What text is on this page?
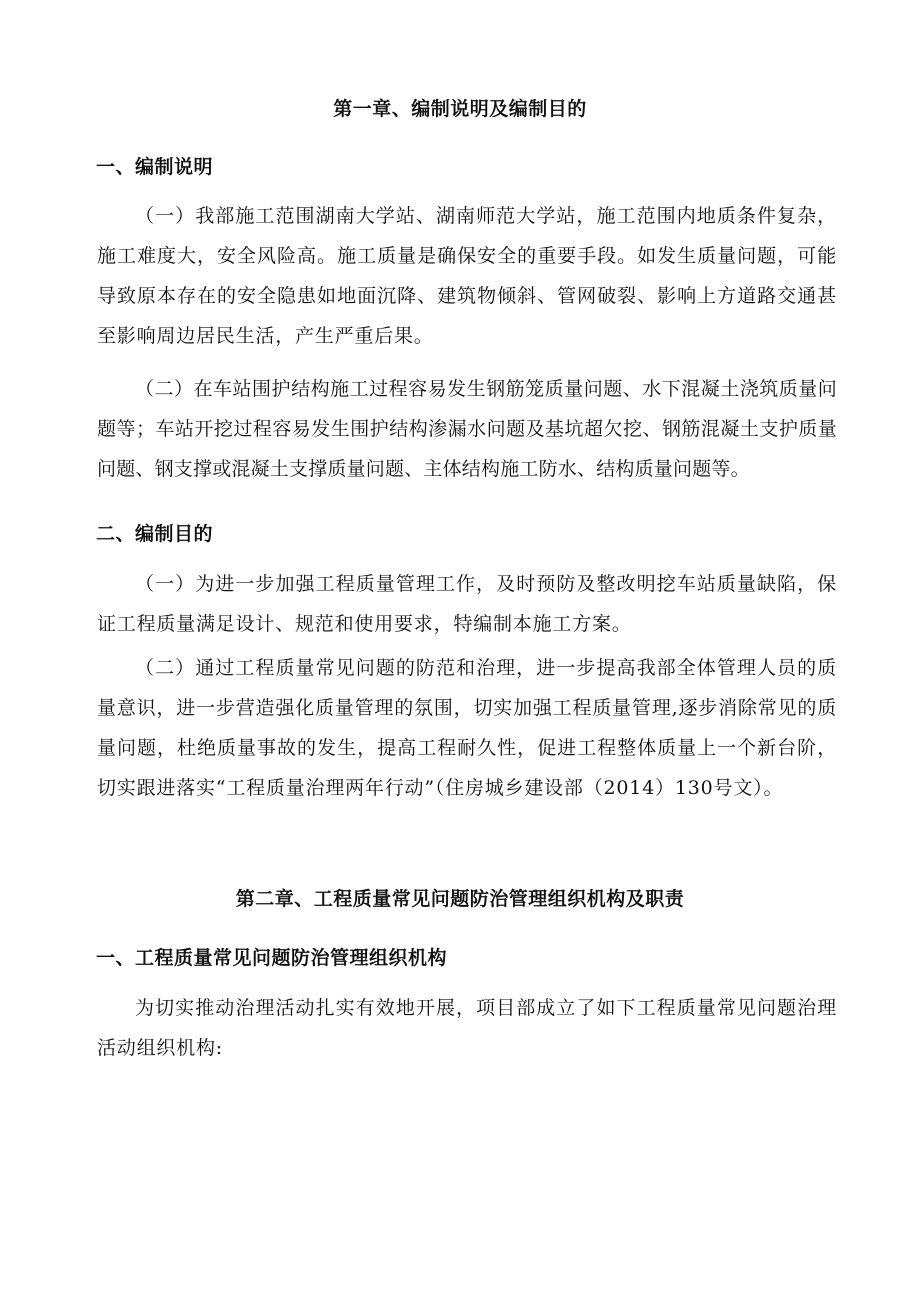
第一章、编制说明及编制目的
一、编制说明

（一）我部施工范围湖南大学站、湖南师范大学站，施工范围内地质条件复杂，施工难度大，安全风险高。施工质量是确保安全的重要手段。如发生质量问题，可能导致原本存在的安全隐患如地面沉降、建筑物倾斜、管网破裂、影响上方道路交通甚至影响周边居民生活，产生严重后果。

（二）在车站围护结构施工过程容易发生钢筋笼质量问题、水下混凝土浇筑质量问题等；车站开挖过程容易发生围护结构渗漏水问题及基坑超欠挖、钢筋混凝土支护质量问题、钢支撑或混凝土支撑质量问题、主体结构施工防水、结构质量问题等。

二、编制目的

（一）为进一步加强工程质量管理工作，及时预防及整改明挖车站质量缺陷，保证工程质量满足设计、规范和使用要求，特编制本施工方案。

（二）通过工程质量常见问题的防范和治理，进一步提高我部全体管理人员的质量意识，进一步营造强化质量管理的氛围，切实加强工程质量管理,逐步消除常见的质量问题，杜绝质量事故的发生，提高工程耐久性，促进工程整体质量上一个新台阶，切实跟进落实“工程质量治理两年行动”（住房城乡建设部（2014）130号文）。

第二章、工程质量常见问题防治管理组织机构及职责
一、工程质量常见问题防治管理组织机构

为切实推动治理活动扎实有效地开展，项目部成立了如下工程质量常见问题治理活动组织机构:
